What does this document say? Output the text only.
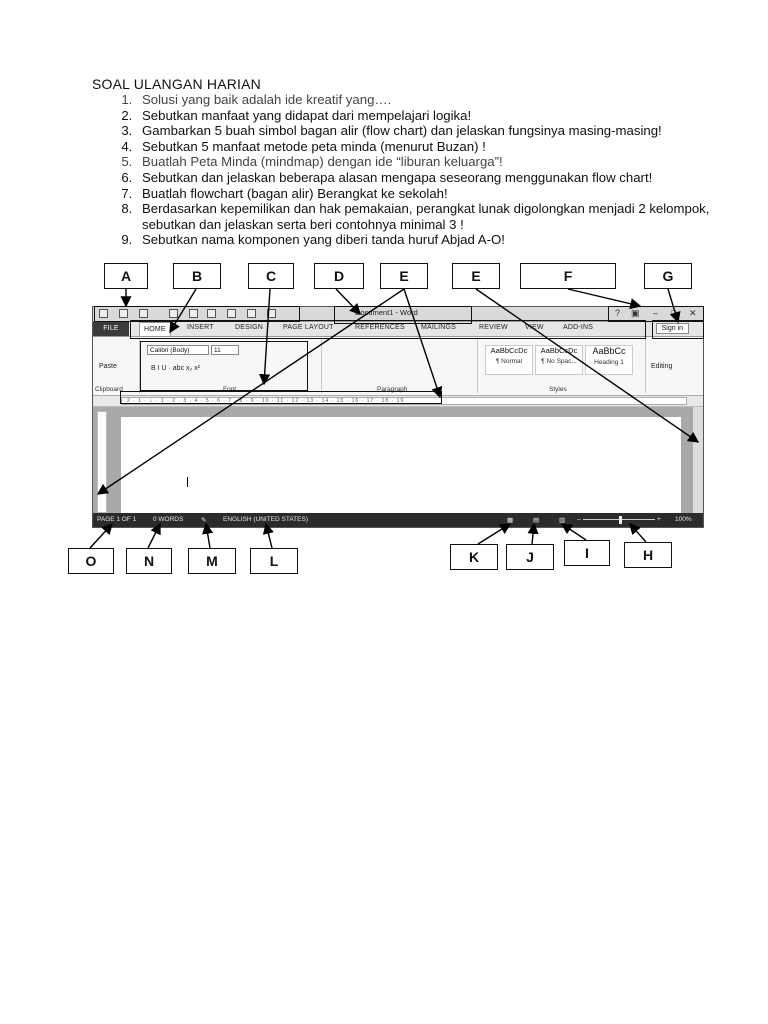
SOAL ULANGAN HARIAN
1. Solusi yang baik adalah ide kreatif yang….
2. Sebutkan manfaat yang didapat dari mempelajari logika!
3. Gambarkan 5 buah simbol bagan alir (flow chart) dan jelaskan fungsinya masing-masing!
4. Sebutkan 5 manfaat metode peta minda (menurut Buzan) !
5. Buatlah Peta Minda (mindmap) dengan ide “liburan keluarga”!
6. Sebutkan dan jelaskan beberapa alasan mengapa seseorang menggunakan flow chart!
7. Buatlah flowchart (bagan alir) Berangkat ke sekolah!
8. Berdasarkan kepemilikan dan hak pemakaian, perangkat lunak digolongkan menjadi 2 kelompok, sebutkan dan jelaskan serta beri contohnya minimal 3 !
9. Sebutkan nama komponen yang diberi tanda huruf Abjad A-O!
A	B	C	D	E	E	F	G
O	N	M	L	K	J	I	H
Document1 - Word	? ▣ – □ ✕
FILE	HOME	INSERT	DESIGN	PAGE LAYOUT	REFERENCES MAILINGS	REVIEW VIEW	ADD-INS	Sign in
Paste
Clipboard
Calibri (Body)	11
B I U · abc x₂ x²
Font	Paragraph
AaBbCcDc
¶ Normal
AaBbCcDc
¶ No Spac...
AaBbCc
Heading 1
Styles
Editing
· 2 · 1 · ⌂ · 1 · 2 · 3 · 4 · 5 · 6 · 7 · 8 · 9 · 10 · 11 · 12 · 13 · 14 · 15 · 16 · 17 · 18 · 19
PAGE 1 OF 1	0 WORDS	✎	ENGLISH (UNITED STATES)	▦	▤	▥ –	+ 100%
